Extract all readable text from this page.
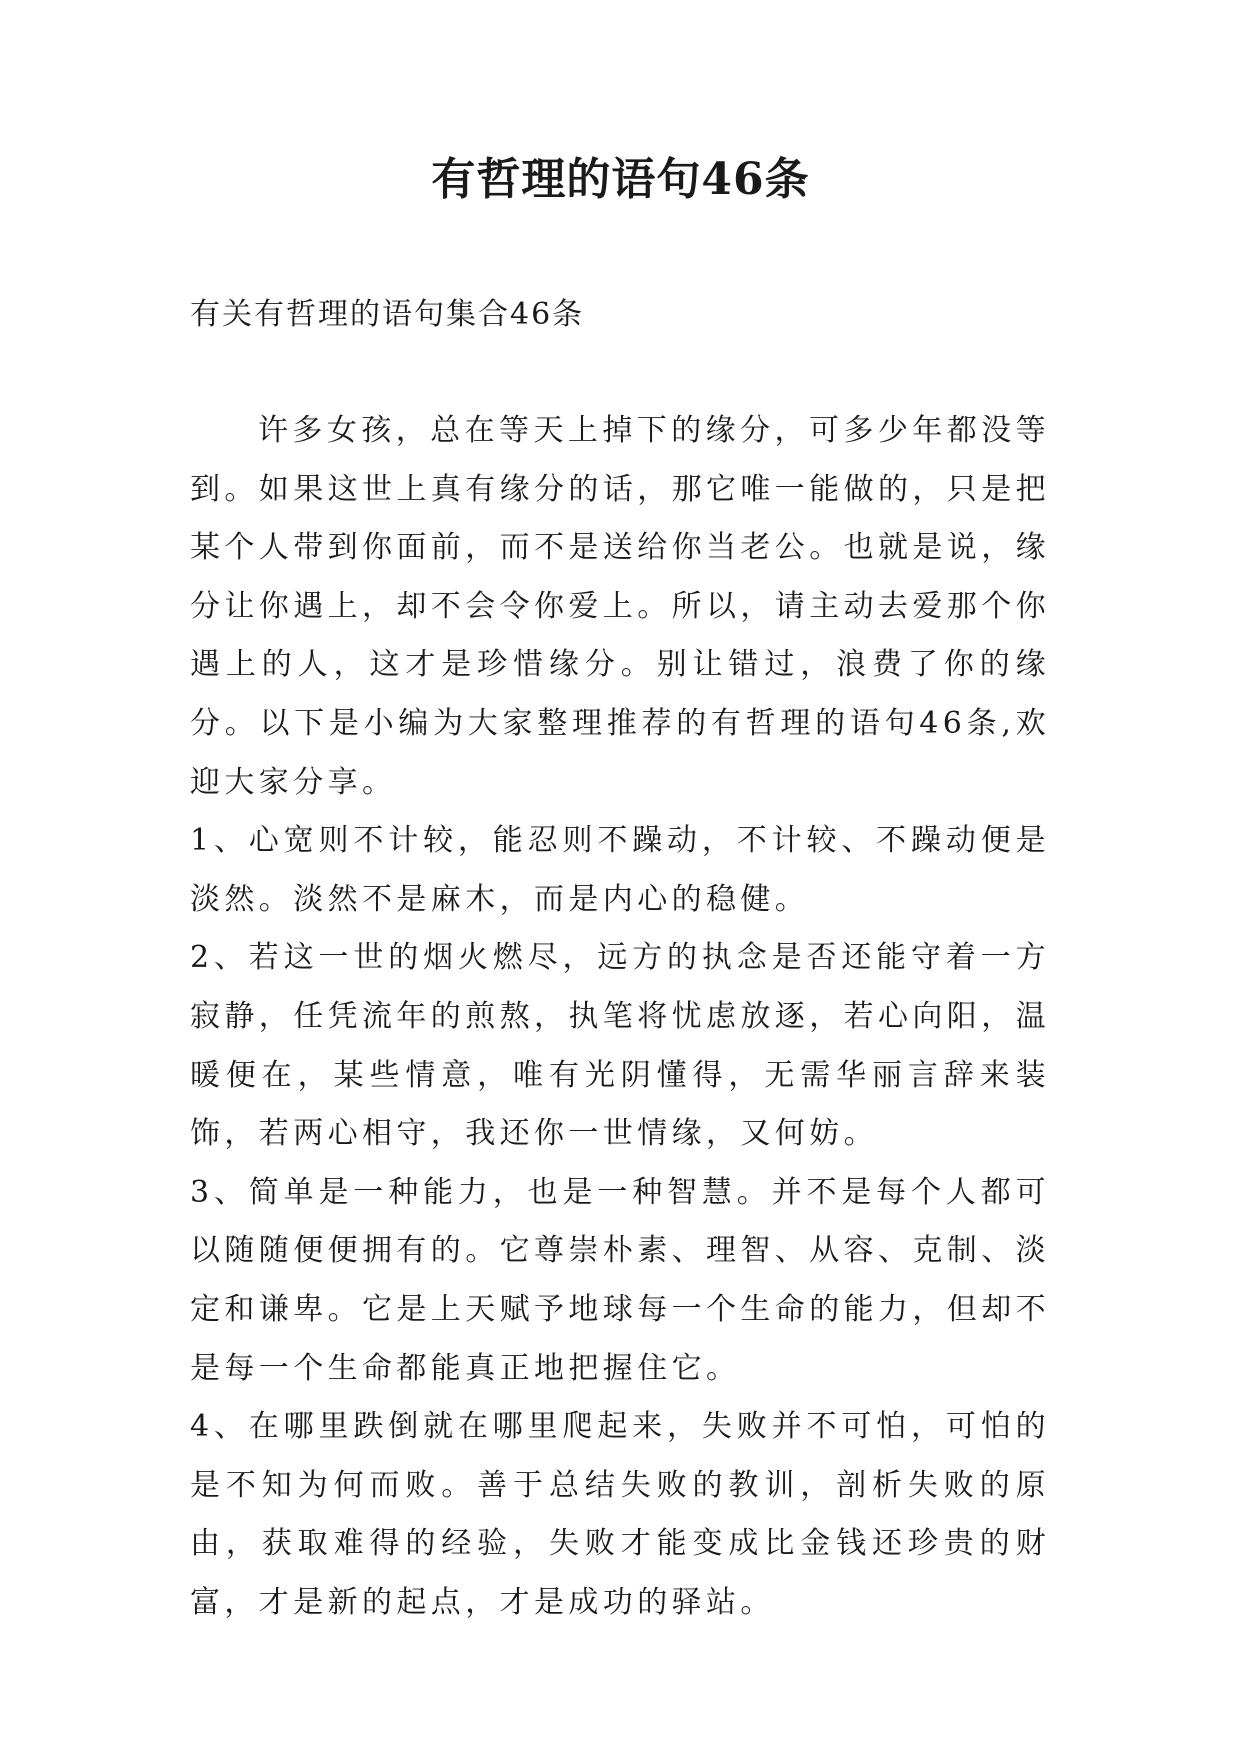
有哲理的语句46条
有关有哲理的语句集合46条

许多女孩，总在等天上掉下的缘分，可多少年都没等到。如果这世上真有缘分的话，那它唯一能做的，只是把某个人带到你面前，而不是送给你当老公。也就是说，缘分让你遇上，却不会令你爱上。所以，请主动去爱那个你遇上的人，这才是珍惜缘分。别让错过，浪费了你的缘分。以下是小编为大家整理推荐的有哲理的语句46条,欢迎大家分享。

1、心宽则不计较，能忍则不躁动，不计较、不躁动便是淡然。淡然不是麻木，而是内心的稳健。

2、若这一世的烟火燃尽，远方的执念是否还能守着一方寂静，任凭流年的煎熬，执笔将忧虑放逐，若心向阳，温暖便在，某些情意，唯有光阴懂得，无需华丽言辞来装饰，若两心相守，我还你一世情缘，又何妨。

3、简单是一种能力，也是一种智慧。并不是每个人都可以随随便便拥有的。它尊崇朴素、理智、从容、克制、淡定和谦卑。它是上天赋予地球每一个生命的能力，但却不是每一个生命都能真正地把握住它。

4、在哪里跌倒就在哪里爬起来，失败并不可怕，可怕的是不知为何而败。善于总结失败的教训，剖析失败的原由，获取难得的经验，失败才能变成比金钱还珍贵的财富，才是新的起点，才是成功的驿站。
